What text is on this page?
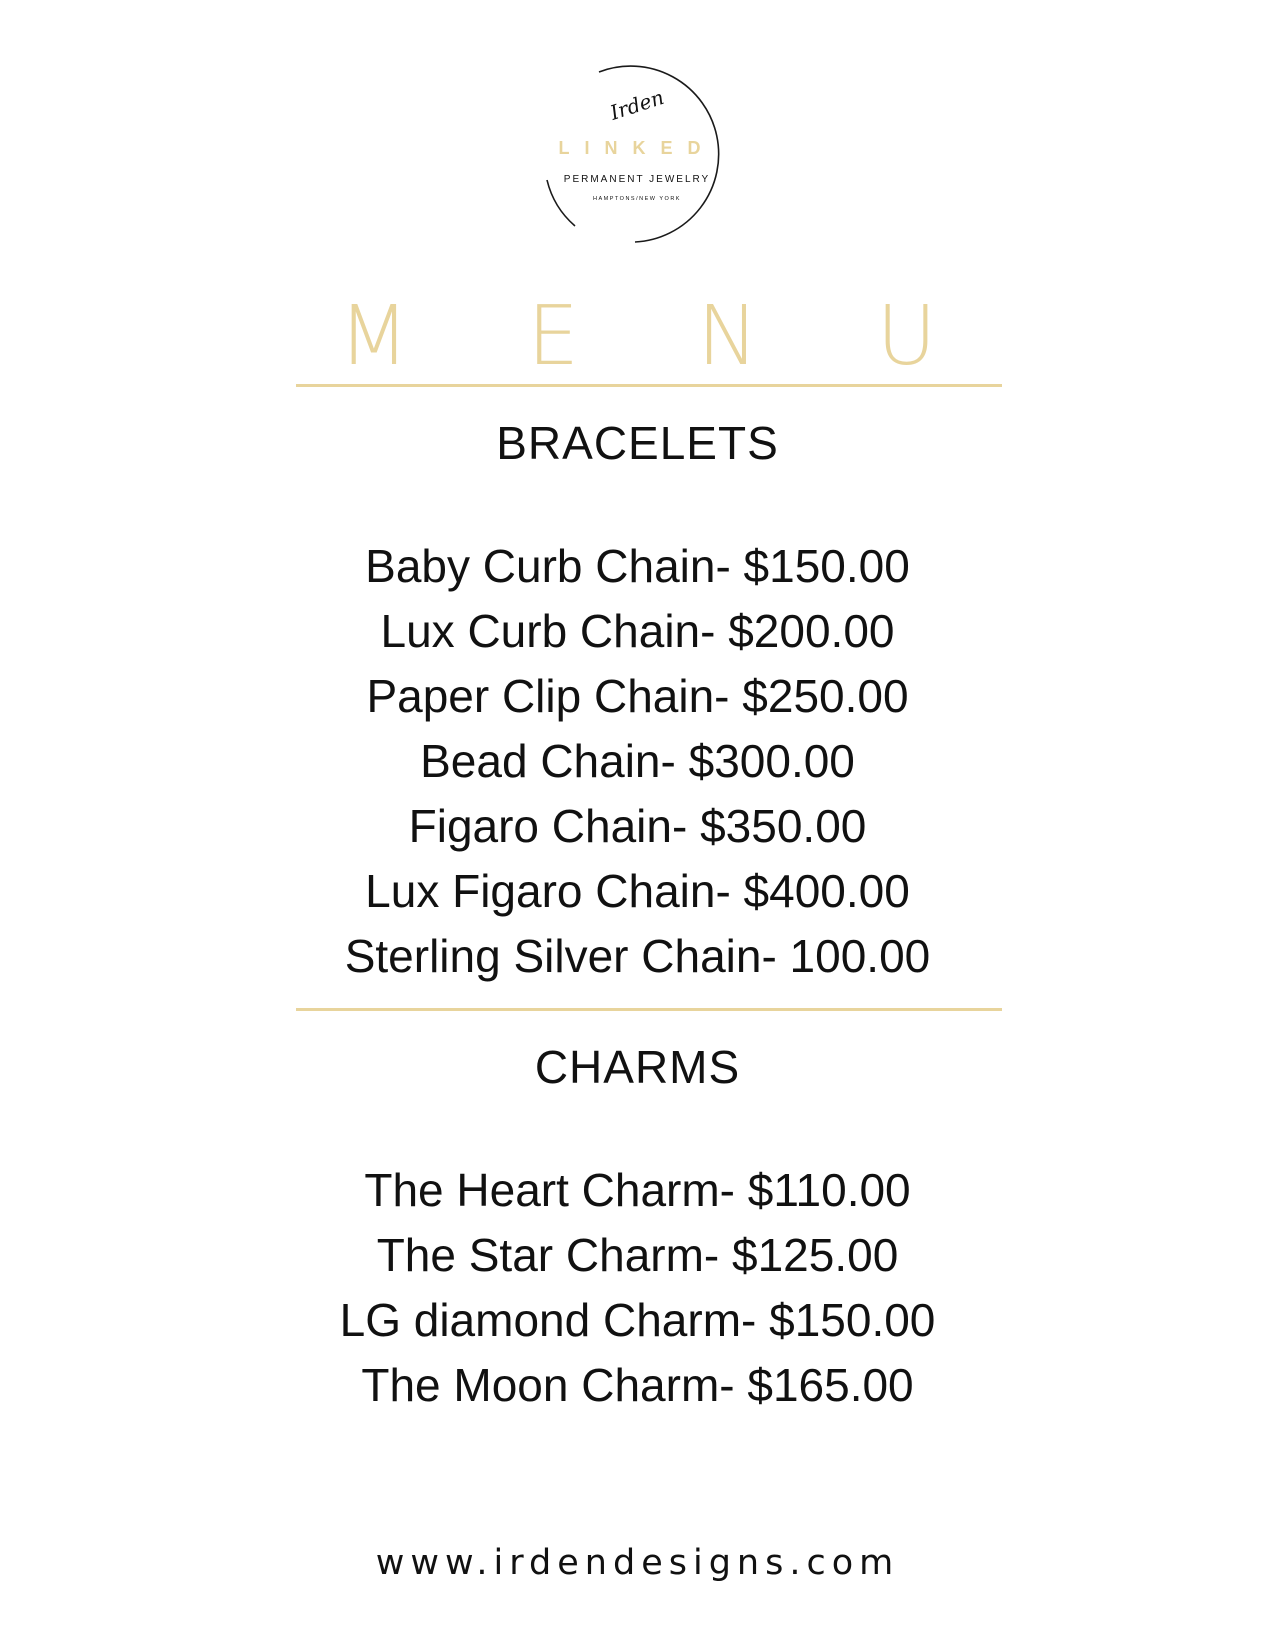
Irden
LINKED
PERMANENT JEWELRY
HAMPTONS/NEW YORK
M E N U
BRACELETS
Baby Curb Chain- $150.00
Lux Curb Chain- $200.00
Paper Clip Chain- $250.00
Bead Chain- $300.00
Figaro Chain- $350.00
Lux Figaro Chain- $400.00
Sterling Silver Chain- 100.00
CHARMS
The Heart Charm- $110.00
The Star Charm- $125.00
LG diamond Charm- $150.00
The Moon Charm- $165.00
www.irdendesigns.com
